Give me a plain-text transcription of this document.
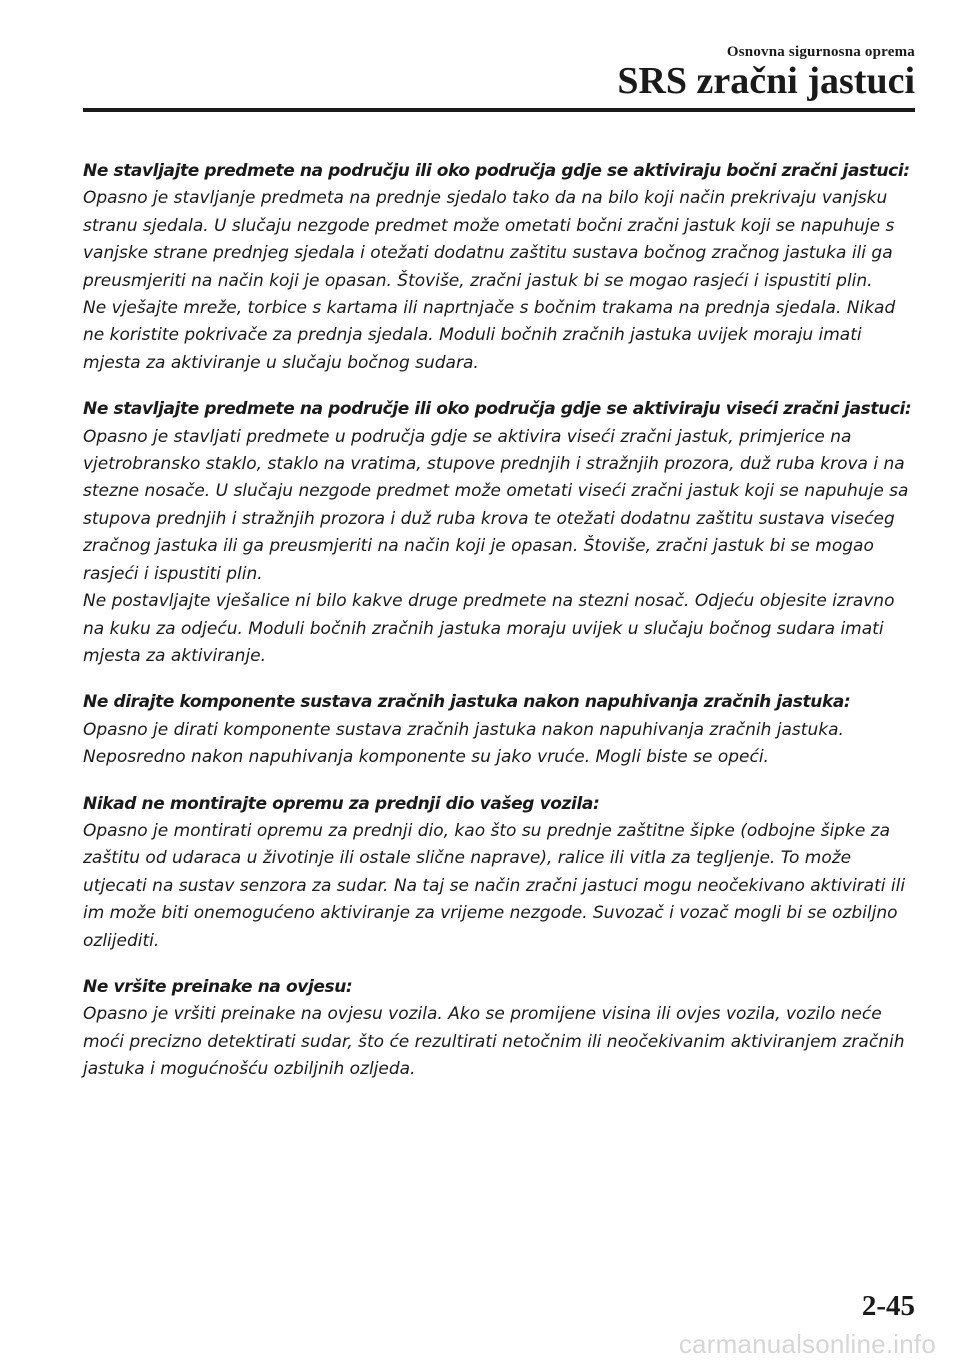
Osnovna sigurnosna oprema
SRS zračni jastuci
Ne stavljajte predmete na području ili oko područja gdje se aktiviraju bočni zračni jastuci:

Opasno je stavljanje predmeta na prednje sjedalo tako da na bilo koji način prekrivaju vanjsku stranu sjedala. U slučaju nezgode predmet može ometati bočni zračni jastuk koji se napuhuje s vanjske strane prednjeg sjedala i otežati dodatnu zaštitu sustava bočnog zračnog jastuka ili ga preusmjeriti na način koji je opasan. Štoviše, zračni jastuk bi se mogao rasjeći i ispustiti plin.

Ne vješajte mreže, torbice s kartama ili naprtnjače s bočnim trakama na prednja sjedala. Nikad ne koristite pokrivače za prednja sjedala. Moduli bočnih zračnih jastuka uvijek moraju imati mjesta za aktiviranje u slučaju bočnog sudara.

Ne stavljajte predmete na područje ili oko područja gdje se aktiviraju viseći zračni jastuci:

Opasno je stavljati predmete u područja gdje se aktivira viseći zračni jastuk, primjerice na vjetrobransko staklo, staklo na vratima, stupove prednjih i stražnjih prozora, duž ruba krova i na stezne nosače. U slučaju nezgode predmet može ometati viseći zračni jastuk koji se napuhuje sa stupova prednjih i stražnjih prozora i duž ruba krova te otežati dodatnu zaštitu sustava visećeg zračnog jastuka ili ga preusmjeriti na način koji je opasan. Štoviše, zračni jastuk bi se mogao rasjeći i ispustiti plin.

Ne postavljajte vješalice ni bilo kakve druge predmete na stezni nosač. Odjeću objesite izravno na kuku za odjeću. Moduli bočnih zračnih jastuka moraju uvijek u slučaju bočnog sudara imati mjesta za aktiviranje.

Ne dirajte komponente sustava zračnih jastuka nakon napuhivanja zračnih jastuka:

Opasno je dirati komponente sustava zračnih jastuka nakon napuhivanja zračnih jastuka. Neposredno nakon napuhivanja komponente su jako vruće. Mogli biste se opeći.

Nikad ne montirajte opremu za prednji dio vašeg vozila:

Opasno je montirati opremu za prednji dio, kao što su prednje zaštitne šipke (odbojne šipke za zaštitu od udaraca u životinje ili ostale slične naprave), ralice ili vitla za tegljenje. To može utjecati na sustav senzora za sudar. Na taj se način zračni jastuci mogu neočekivano aktivirati ili im može biti onemogućeno aktiviranje za vrijeme nezgode. Suvozač i vozač mogli bi se ozbiljno ozlijediti.

Ne vršite preinake na ovjesu:

Opasno je vršiti preinake na ovjesu vozila. Ako se promijene visina ili ovjes vozila, vozilo neće moći precizno detektirati sudar, što će rezultirati netočnim ili neočekivanim aktiviranjem zračnih jastuka i mogućnošću ozbiljnih ozljeda.

2-45
carmanualsonline.info
